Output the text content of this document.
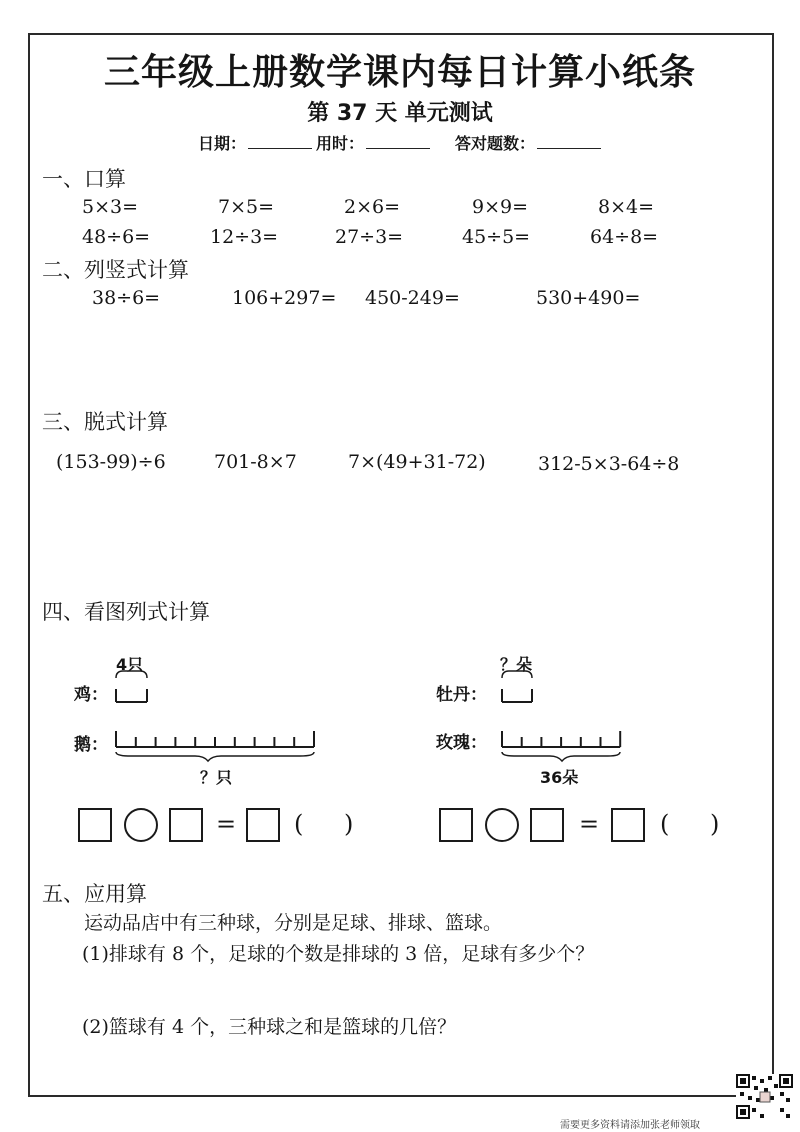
三年级上册数学课内每日计算小纸条
第 37 天 单元测试
日期：	用时：	答对题数：
一、口算
5×3=	7×5=	2×6=	9×9=	8×4=
48÷6=	12÷3=	27÷3=	45÷5=	64÷8=
二、列竖式计算
38÷6=	106+297= 450-249=	530+490=
三、脱式计算
(153-99)÷6	701-8×7	7×(49+31-72)	312-5×3-64÷8
四、看图列式计算
4只
鸡：
鹅：
？只
？朵
牡丹：
玫瑰：
36朵
= ( )	=	( )
五、应用算
运动品店中有三种球，分别是足球、排球、篮球。
(1)排球有 8 个，足球的个数是排球的 3 倍，足球有多少个？
(2)篮球有 4 个，三种球之和是篮球的几倍？
需要更多资料请添加张老师领取
